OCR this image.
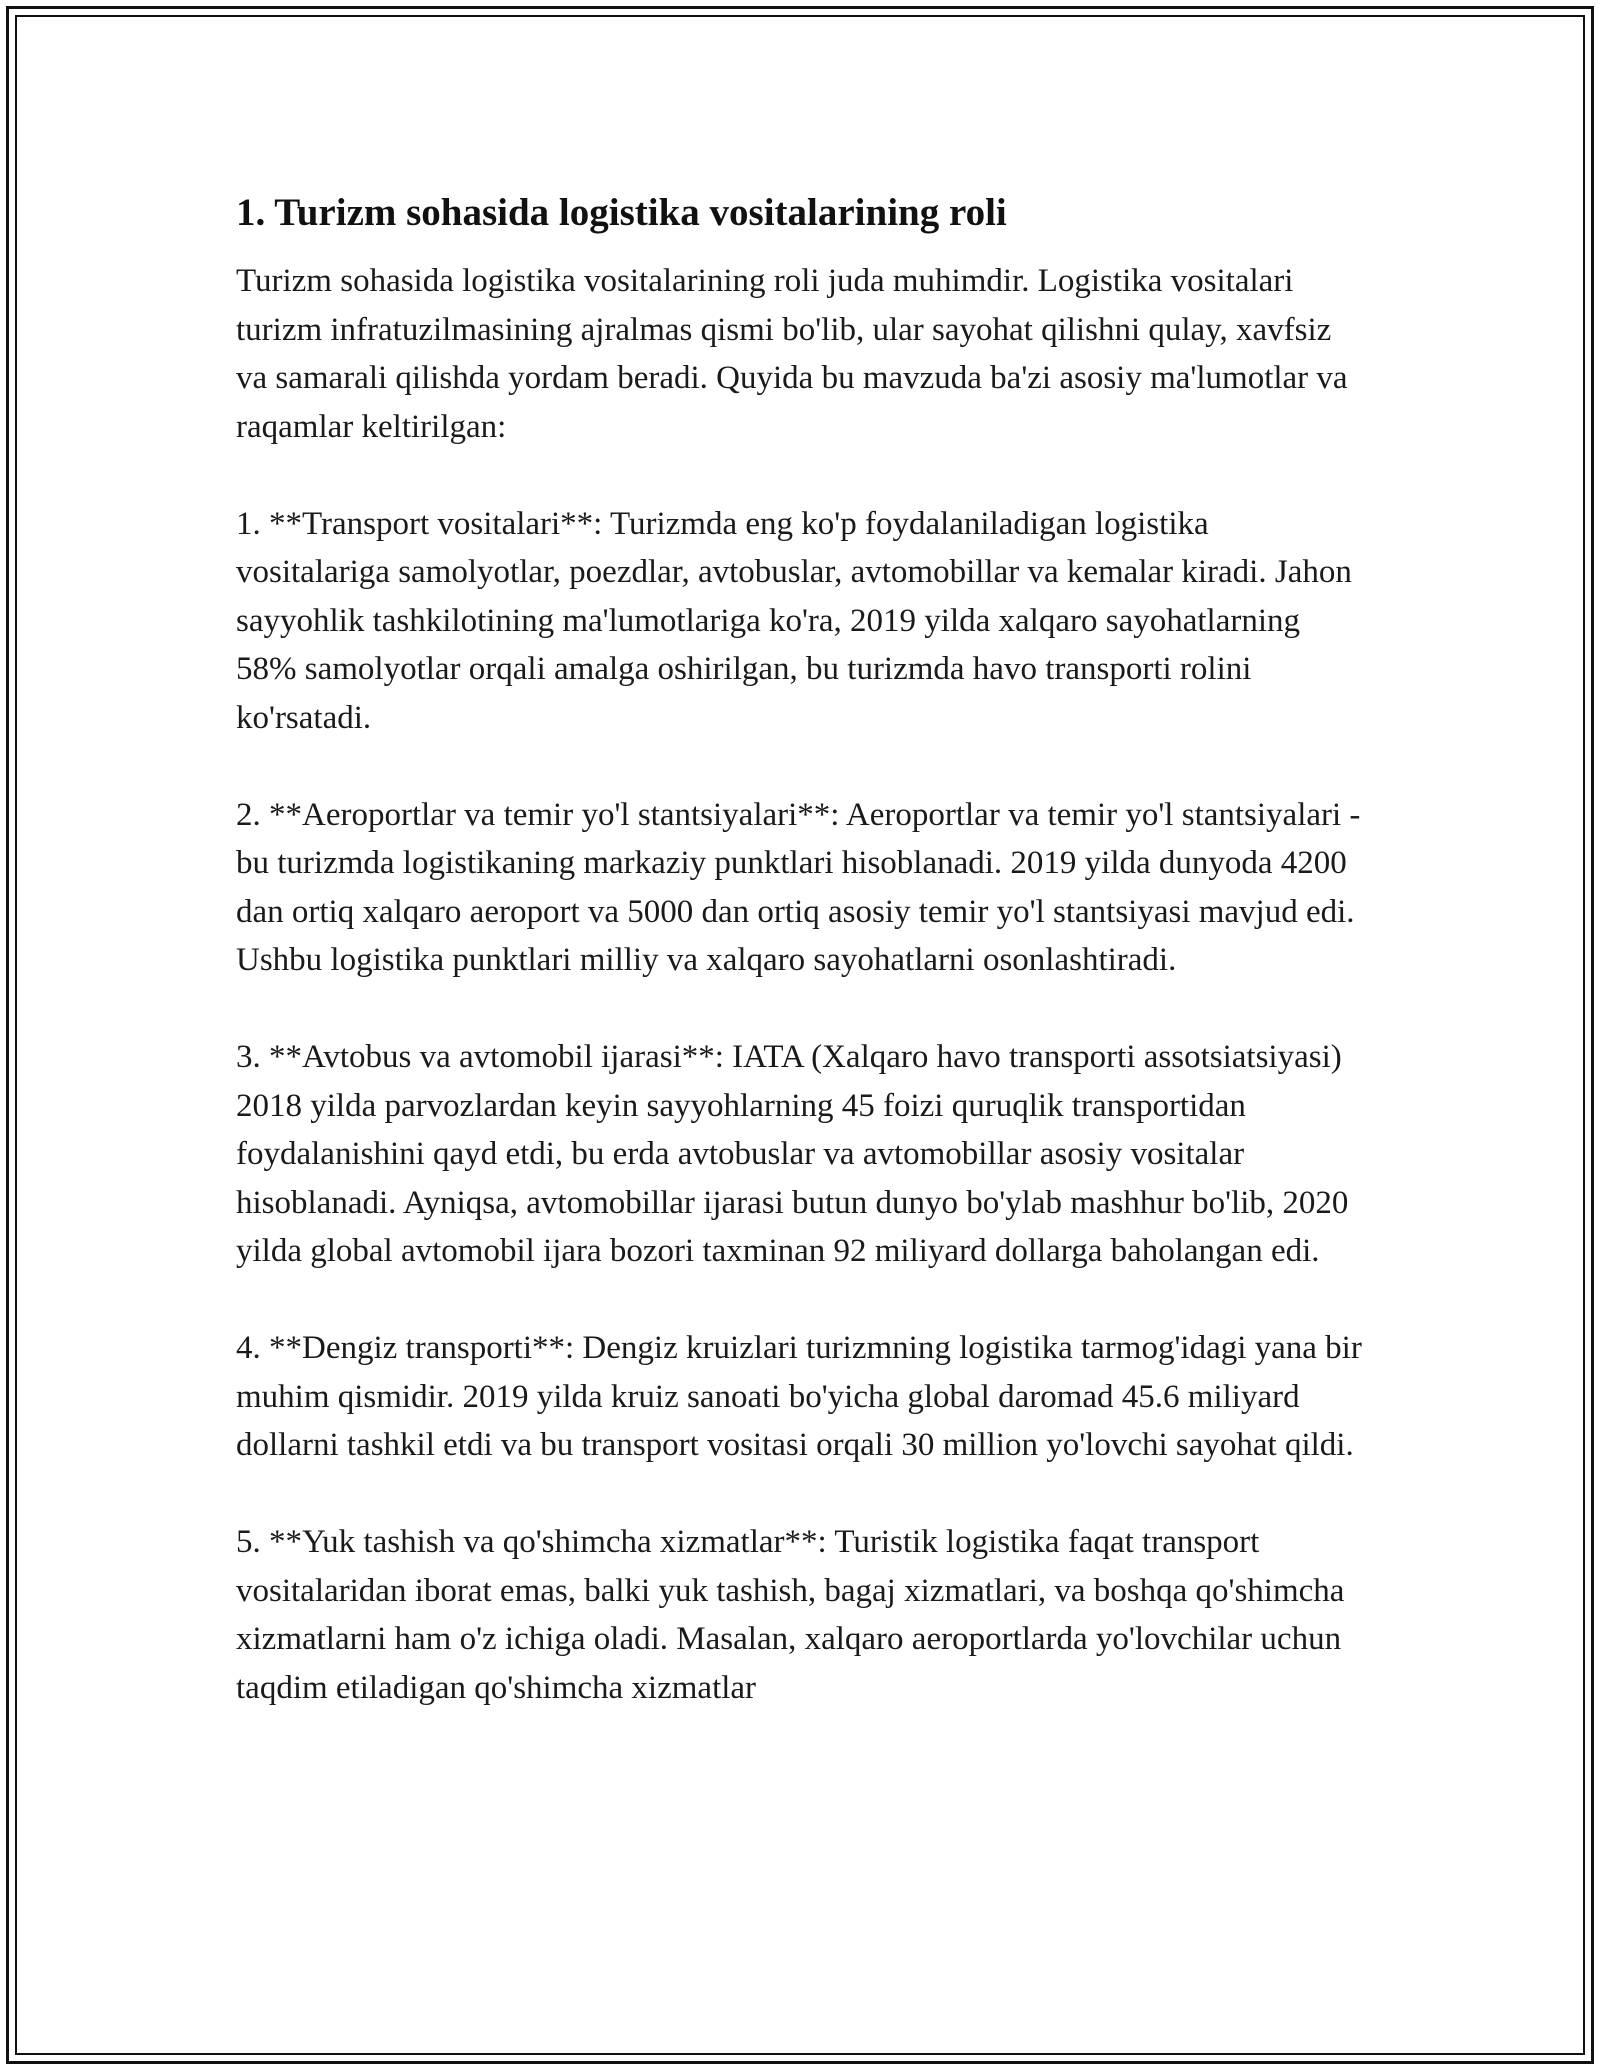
1. Turizm sohasida logistika vositalarining roli

Turizm sohasida logistika vositalarining roli juda muhimdir. Logistika vositalari turizm infratuzilmasining ajralmas qismi bo'lib, ular sayohat qilishni qulay, xavfsiz va samarali qilishda yordam beradi. Quyida bu mavzuda ba'zi asosiy ma'lumotlar va raqamlar keltirilgan:

1. **Transport vositalari**: Turizmda eng ko'p foydalaniladigan logistika vositalariga samolyotlar, poezdlar, avtobuslar, avtomobillar va kemalar kiradi. Jahon sayyohlik tashkilotining ma'lumotlariga ko'ra, 2019 yilda xalqaro sayohatlarning 58% samolyotlar orqali amalga oshirilgan, bu turizmda havo transporti rolini ko'rsatadi.

2. **Aeroportlar va temir yo'l stantsiyalari**: Aeroportlar va temir yo'l stantsiyalari - bu turizmda logistikaning markaziy punktlari hisoblanadi. 2019 yilda dunyoda 4200 dan ortiq xalqaro aeroport va 5000 dan ortiq asosiy temir yo'l stantsiyasi mavjud edi. Ushbu logistika punktlari milliy va xalqaro sayohatlarni osonlashtiradi.

3. **Avtobus va avtomobil ijarasi**: IATA (Xalqaro havo transporti assotsiatsiyasi) 2018 yilda parvozlardan keyin sayyohlarning 45 foizi quruqlik transportidan foydalanishini qayd etdi, bu erda avtobuslar va avtomobillar asosiy vositalar hisoblanadi. Ayniqsa, avtomobillar ijarasi butun dunyo bo'ylab mashhur bo'lib, 2020 yilda global avtomobil ijara bozori taxminan 92 miliyard dollarga baholangan edi.

4. **Dengiz transporti**: Dengiz kruizlari turizmning logistika tarmog'idagi yana bir muhim qismidir. 2019 yilda kruiz sanoati bo'yicha global daromad 45.6 miliyard dollarni tashkil etdi va bu transport vositasi orqali 30 million yo'lovchi sayohat qildi.

5. **Yuk tashish va qo'shimcha xizmatlar**: Turistik logistika faqat transport vositalaridan iborat emas, balki yuk tashish, bagaj xizmatlari, va boshqa qo'shimcha xizmatlarni ham o'z ichiga oladi. Masalan, xalqaro aeroportlarda yo'lovchilar uchun taqdim etiladigan qo'shimcha xizmatlar
